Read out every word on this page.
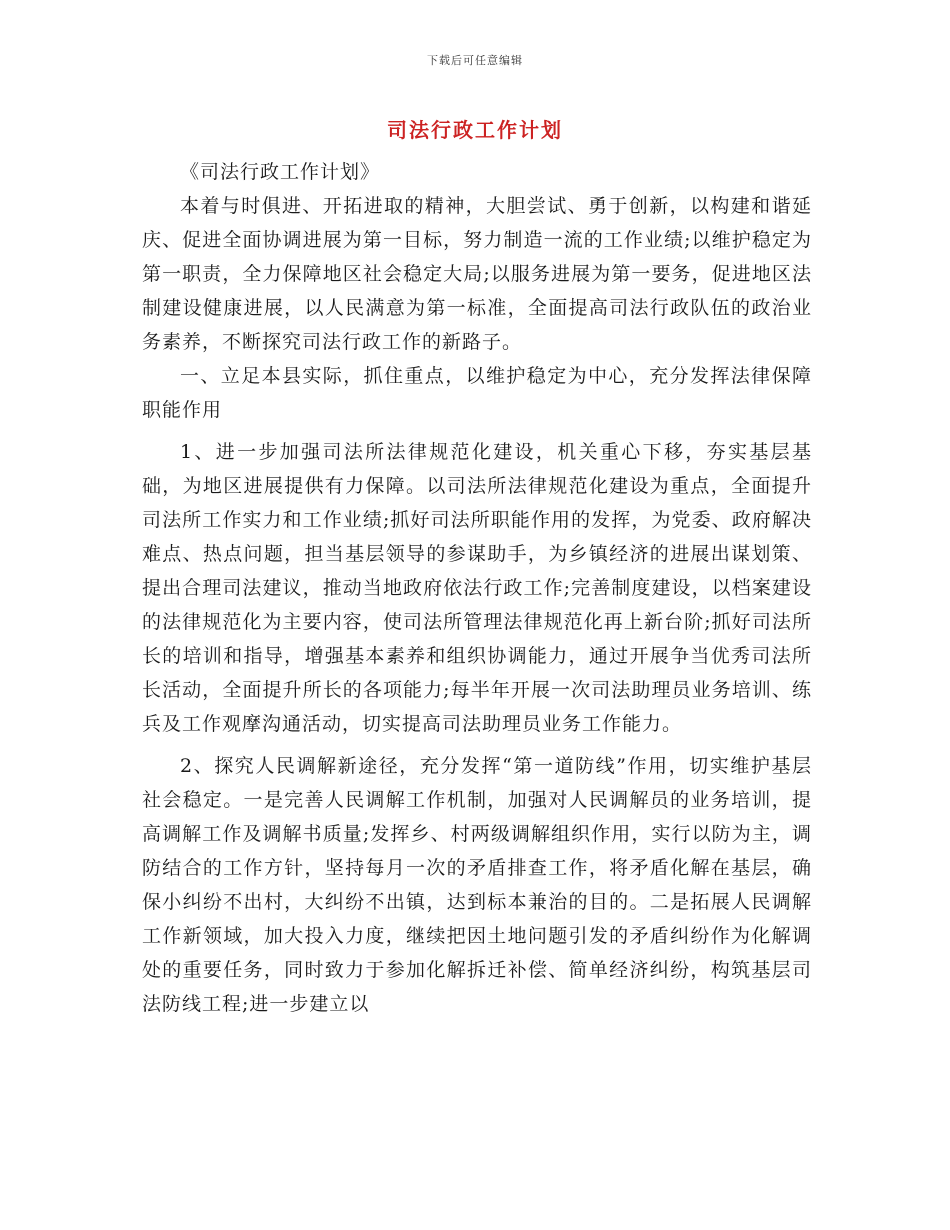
下载后可任意编辑
司法行政工作计划

《司法行政工作计划》

本着与时俱进、开拓进取的精神，大胆尝试、勇于创新，以构建和谐延庆、促进全面协调进展为第一目标，努力制造一流的工作业绩;以维护稳定为第一职责，全力保障地区社会稳定大局;以服务进展为第一要务，促进地区法制建设健康进展，以人民满意为第一标准，全面提高司法行政队伍的政治业务素养，不断探究司法行政工作的新路子。

一、立足本县实际，抓住重点，以维护稳定为中心，充分发挥法律保障职能作用

1、进一步加强司法所法律规范化建设，机关重心下移，夯实基层基础，为地区进展提供有力保障。以司法所法律规范化建设为重点，全面提升司法所工作实力和工作业绩;抓好司法所职能作用的发挥，为党委、政府解决难点、热点问题，担当基层领导的参谋助手，为乡镇经济的进展出谋划策、提出合理司法建议，推动当地政府依法行政工作;完善制度建设，以档案建设的法律规范化为主要内容，使司法所管理法律规范化再上新台阶;抓好司法所长的培训和指导，增强基本素养和组织协调能力，通过开展争当优秀司法所长活动，全面提升所长的各项能力;每半年开展一次司法助理员业务培训、练兵及工作观摩沟通活动，切实提高司法助理员业务工作能力。

2、探究人民调解新途径，充分发挥“第一道防线”作用，切实维护基层社会稳定。一是完善人民调解工作机制，加强对人民调解员的业务培训，提高调解工作及调解书质量;发挥乡、村两级调解组织作用，实行以防为主，调防结合的工作方针，坚持每月一次的矛盾排查工作，将矛盾化解在基层，确保小纠纷不出村，大纠纷不出镇，达到标本兼治的目的。二是拓展人民调解工作新领域，加大投入力度，继续把因土地问题引发的矛盾纠纷作为化解调处的重要任务，同时致力于参加化解拆迁补偿、简单经济纠纷，构筑基层司法防线工程;进一步建立以
